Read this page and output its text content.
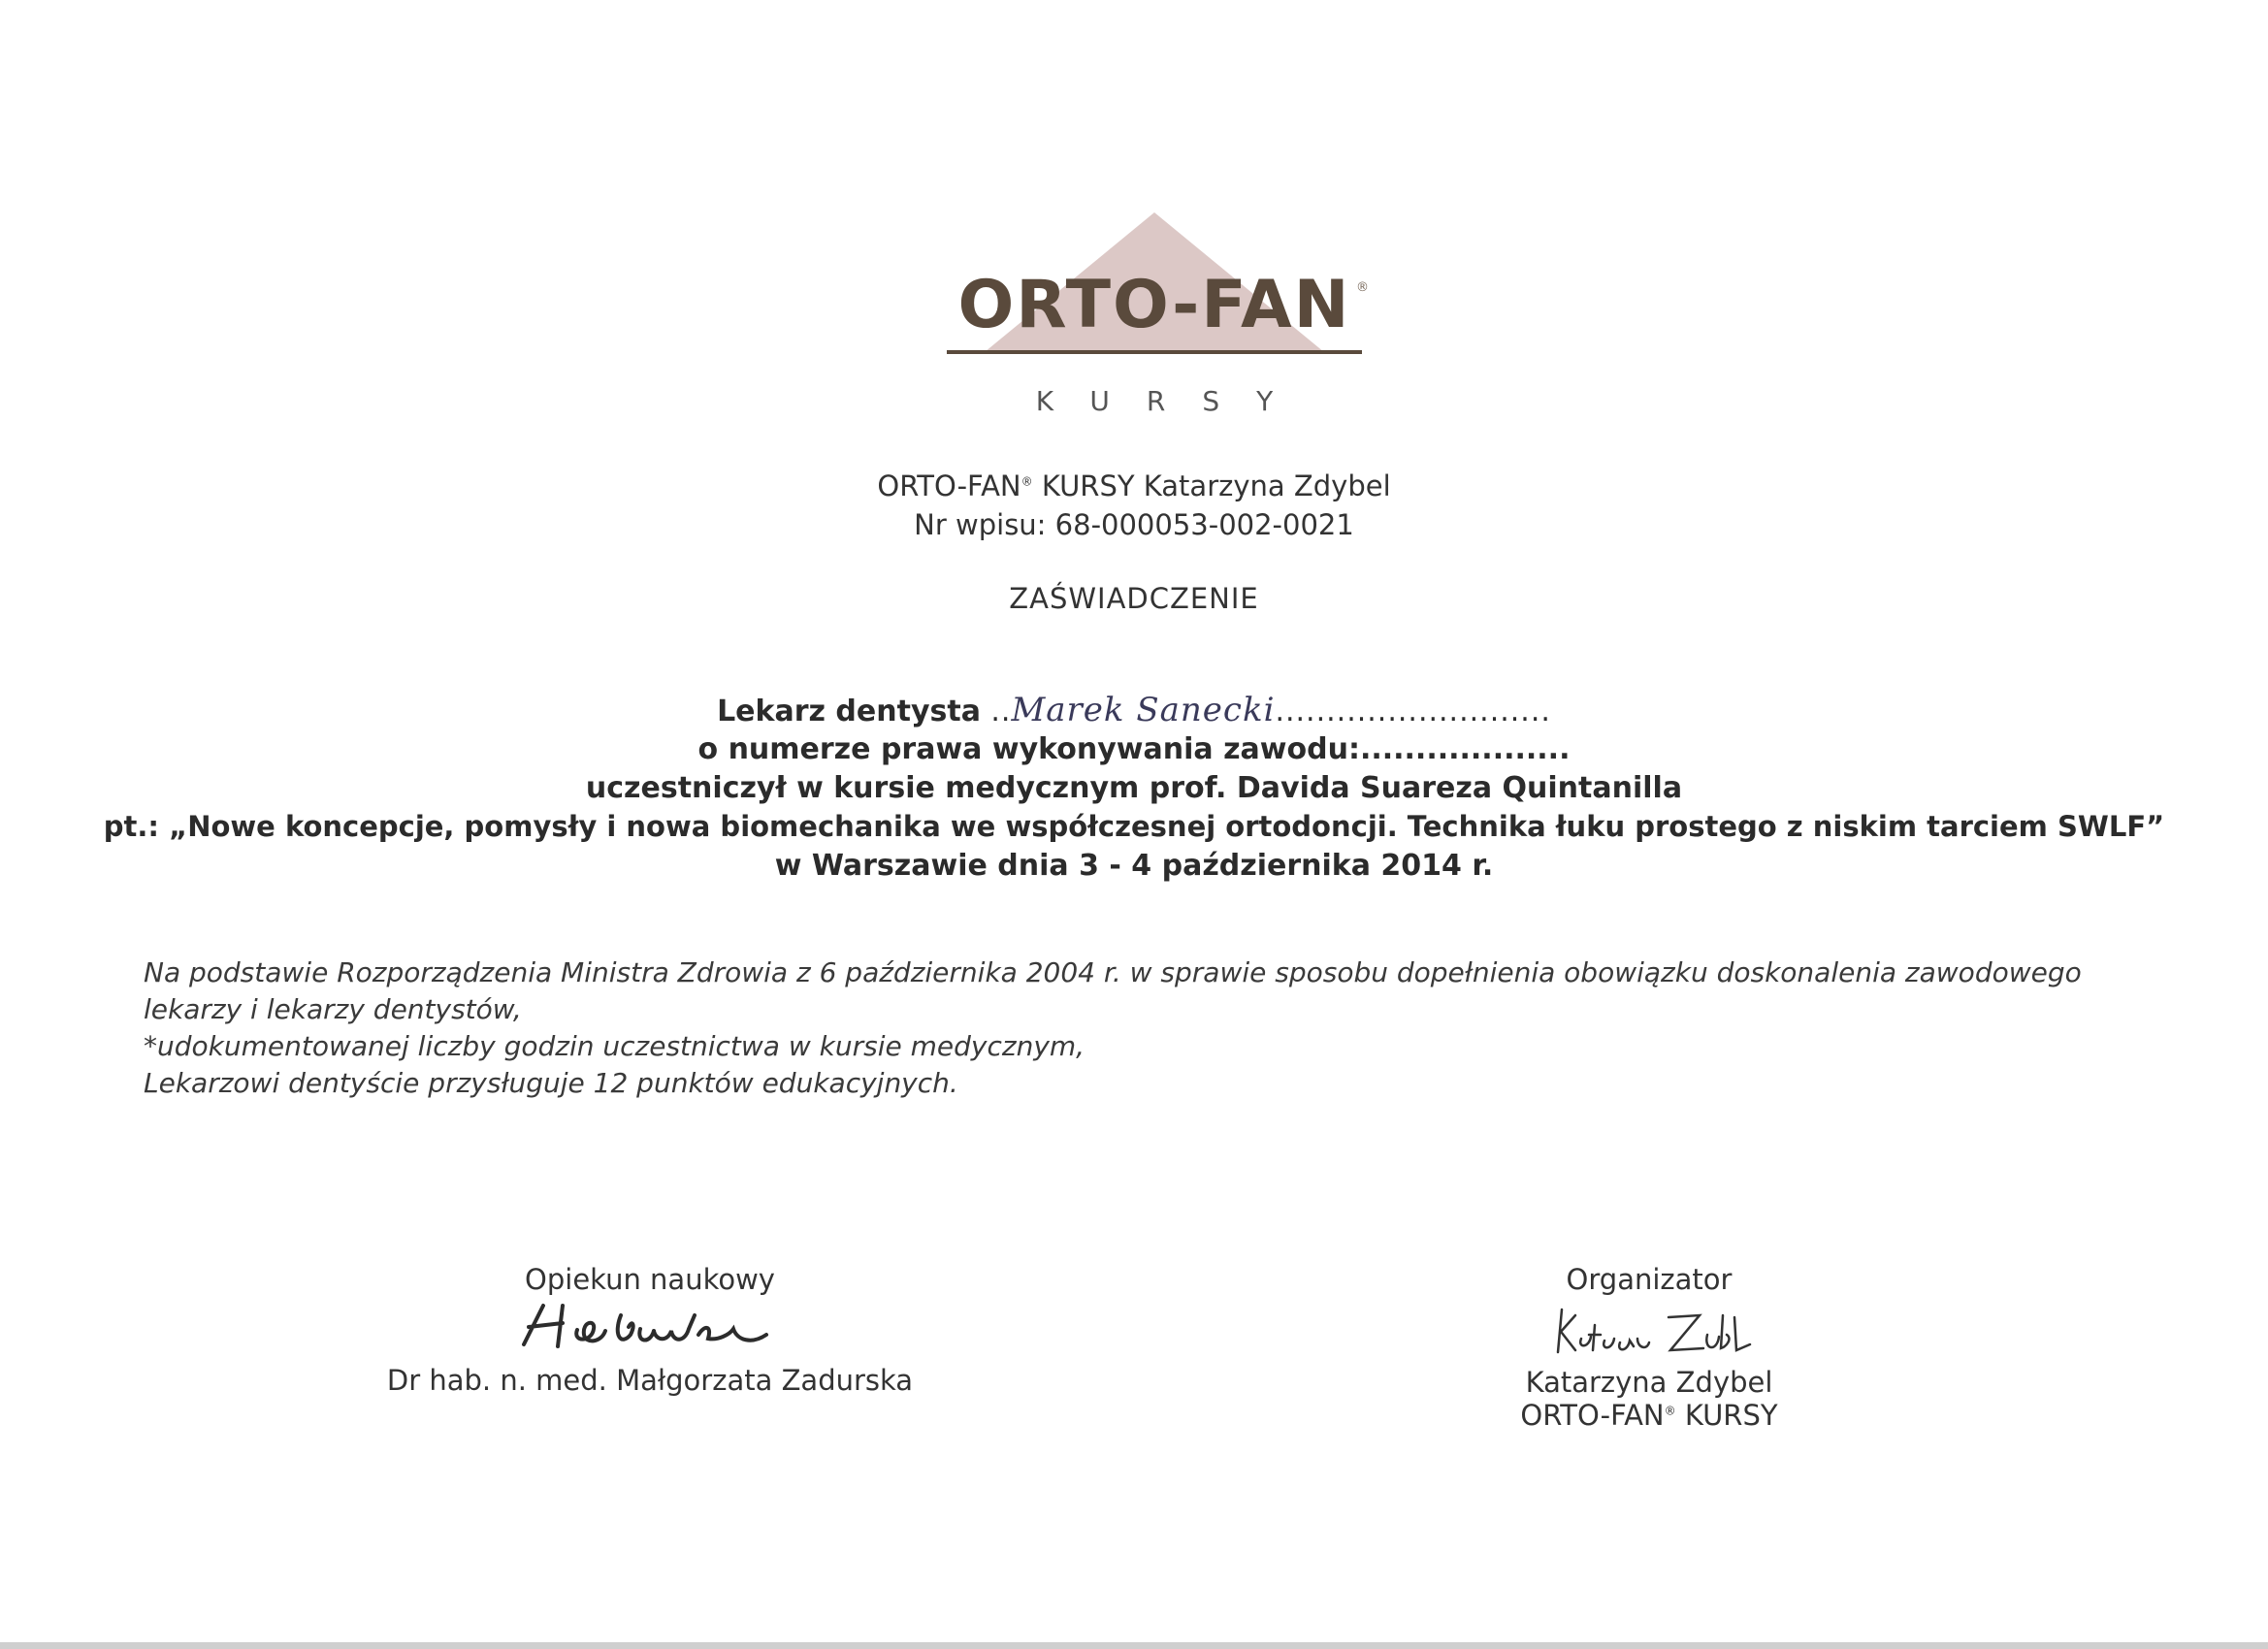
ORTO-FAN ®
KURSY
ORTO-FAN® KURSY Katarzyna Zdybel
Nr wpisu: 68-000053-002-0021
ZAŚWIADCZENIE
Lekarz dentysta ..Marek Sanecki...........................
o numerze prawa wykonywania zawodu:...................
uczestniczył w kursie medycznym prof. Davida Suareza Quintanilla
pt.: „Nowe koncepcje, pomysły i nowa biomechanika we współczesnej ortodoncji. Technika łuku prostego z niskim tarciem SWLF”
w Warszawie dnia 3 - 4 października 2014 r.
Na podstawie Rozporządzenia Ministra Zdrowia z 6 października 2004 r. w sprawie sposobu dopełnienia obowiązku doskonalenia zawodowego
lekarzy i lekarzy dentystów,
*udokumentowanej liczby godzin uczestnictwa w kursie medycznym,
Lekarzowi dentyście przysługuje 12 punktów edukacyjnych.
Opiekun naukowy
Dr hab. n. med. Małgorzata Zadurska
Organizator
Katarzyna Zdybel
ORTO-FAN® KURSY
